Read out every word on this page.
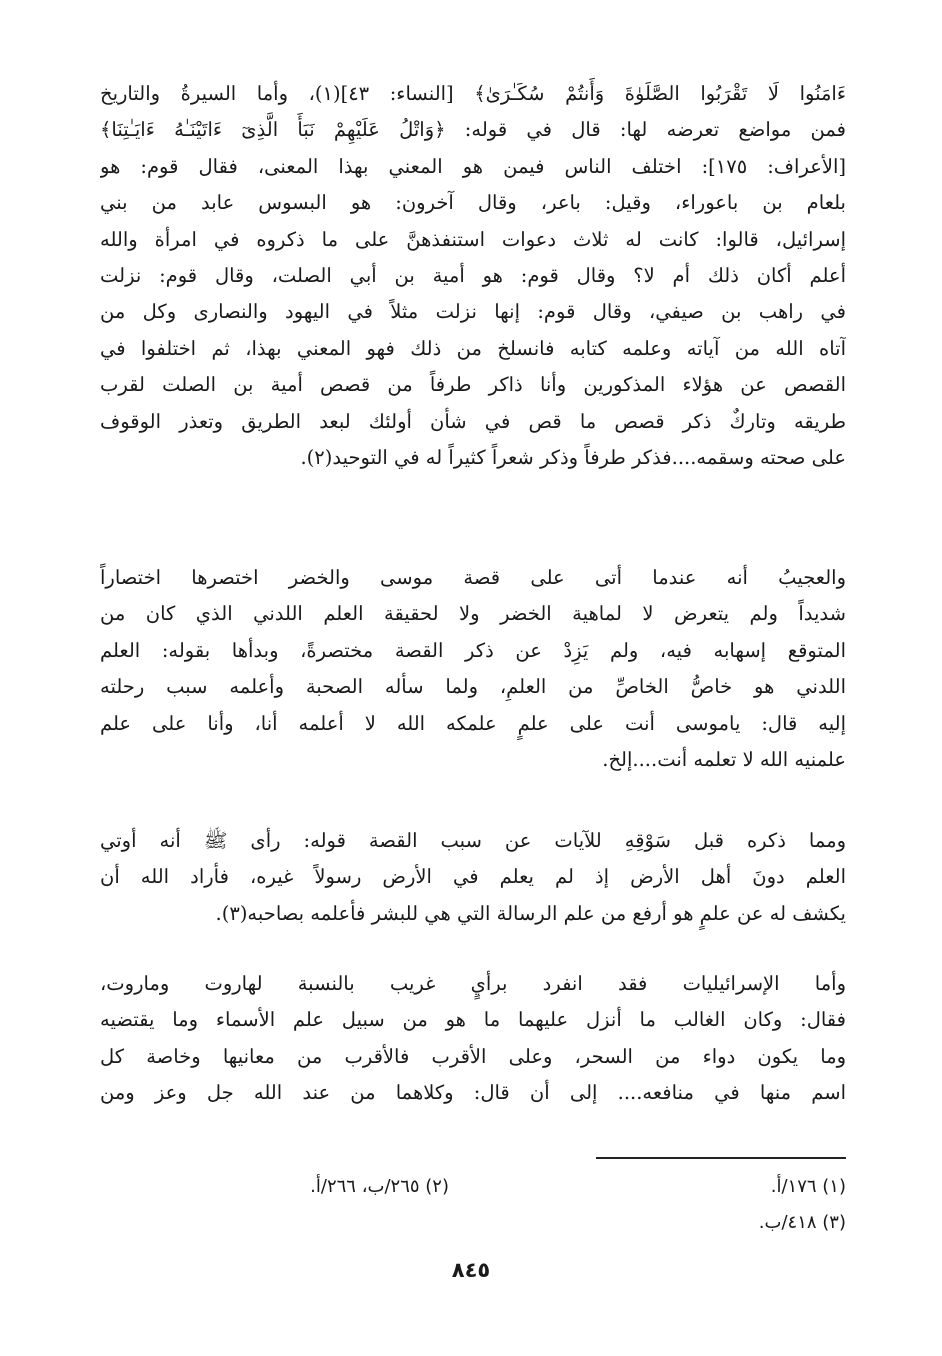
ءَامَنُوا لَا تَقْرَبُوا الصَّلَوٰةَ وَأَنتُمْ سُكَـٰرَىٰ﴾ [النساء: ٤٣](١)، وأما السيرةُ والتاريخ
فمن مواضع تعرضه لها: قال في قوله: ﴿وَاتْلُ عَلَيْهِمْ نَبَأَ الَّذِىٓ ءَاتَيْنَـٰهُ ءَايَـٰتِنَا﴾
[الأعراف: ١٧٥]: اختلف الناس فيمن هو المعني بهذا المعنى، فقال قوم: هو
بلعام بن باعوراء، وقيل: باعر، وقال آخرون: هو البسوس عابد من بني
إسرائيل، قالوا: كانت له ثلاث دعوات استنفذهنَّ على ما ذكروه في امرأة والله
أعلم أكان ذلك أم لا؟ وقال قوم: هو أمية بن أبي الصلت، وقال قوم: نزلت
في راهب بن صيفي، وقال قوم: إنها نزلت مثلاً في اليهود والنصارى وكل من
آتاه الله من آياته وعلمه كتابه فانسلخ من ذلك فهو المعني بهذا، ثم اختلفوا في
القصص عن هؤلاء المذكورين وأنا ذاكر طرفاً من قصص أمية بن الصلت لقرب
طريقه وتاركٌ ذكر قصص ما قص في شأن أولئك لبعد الطريق وتعذر الوقوف
على صحته وسقمه....فذكر طرفاً وذكر شعراً كثيراً له في التوحيد(٢).
والعجيبُ أنه عندما أتى على قصة موسى والخضر اختصرها اختصاراً
شديداً ولم يتعرض لا لماهية الخضر ولا لحقيقة العلم اللدني الذي كان من
المتوقع إسهابه فيه، ولم يَزِدْ عن ذكر القصة مختصرةً، وبدأها بقوله: العلم
اللدني هو خاصُّ الخاصِّ من العلمِ، ولما سأله الصحبة وأعلمه سبب رحلته
إليه قال: ياموسى أنت على علمٍ علمكه الله لا أعلمه أنا، وأنا على علم
علمنيه الله لا تعلمه أنت....إلخ.
ومما ذكره قبل سَوْقِهِ للآيات عن سبب القصة قوله: رأى ﷺ أنه أوتي
العلم دونَ أهل الأرض إذ لم يعلم في الأرض رسولاً غيره، فأراد الله أن
يكشف له عن علمٍ هو أرفع من علم الرسالة التي هي للبشر فأعلمه بصاحبه(٣).
وأما الإسرائيليات فقد انفرد برأيٍ غريب بالنسبة لهاروت وماروت،
فقال: وكان الغالب ما أنزل عليهما ما هو من سبيل علم الأسماء وما يقتضيه
وما يكون دواء من السحر، وعلى الأقرب فالأقرب من معانيها وخاصة كل
اسم منها في منافعه.... إلى أن قال: وكلاهما من عند الله جل وعز ومن
(١) ١٧٦/أ.
(٢) ٢٦٥/ب، ٢٦٦/أ.
(٣) ٤١٨/ب.
٨٤٥
